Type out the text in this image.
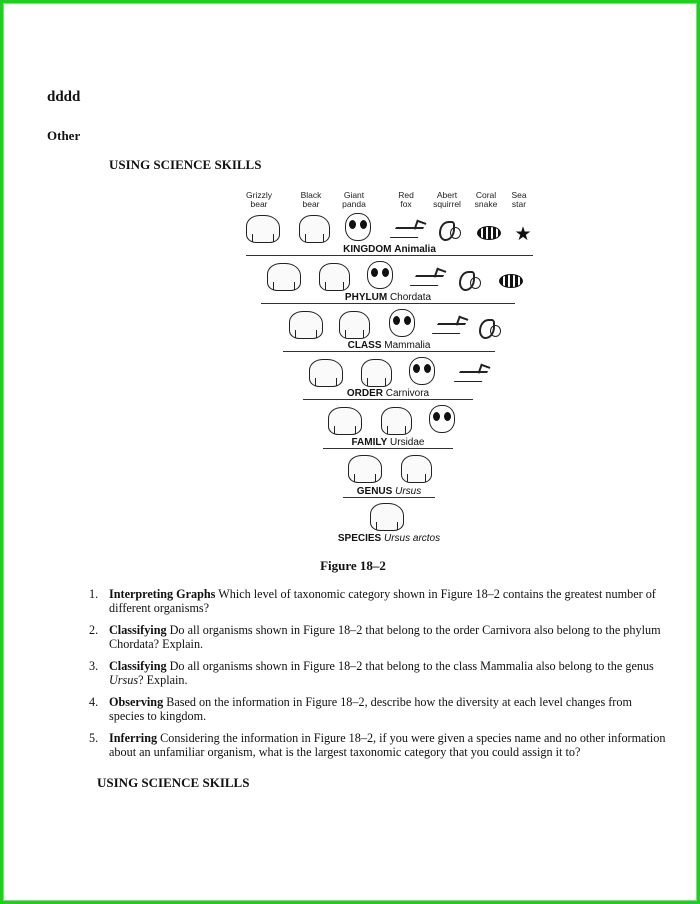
dddd
Other
USING SCIENCE SKILLS
Grizzly
bear
Black
bear
Giant
panda
Red
fox
Abert
squirrel
Coral
snake
Sea
star
★
KINGDOM Animalia
PHYLUM Chordata
CLASS Mammalia
ORDER Carnivora
FAMILY Ursidae
GENUS Ursus
SPECIES Ursus arctos
Figure 18–2
1. Interpreting Graphs Which level of taxonomic category shown in Figure 18–2 contains the greatest number of different organisms?
2. Classifying Do all organisms shown in Figure 18–2 that belong to the order Carnivora also belong to the phylum Chordata? Explain.
3. Classifying Do all organisms shown in Figure 18–2 that belong to the class Mammalia also belong to the genus Ursus? Explain.
4. Observing Based on the information in Figure 18–2, describe how the diversity at each level changes from species to kingdom.
5. Inferring Considering the information in Figure 18–2, if you were given a species name and no other information about an unfamiliar organism, what is the largest taxonomic category that you could assign it to?
USING SCIENCE SKILLS
